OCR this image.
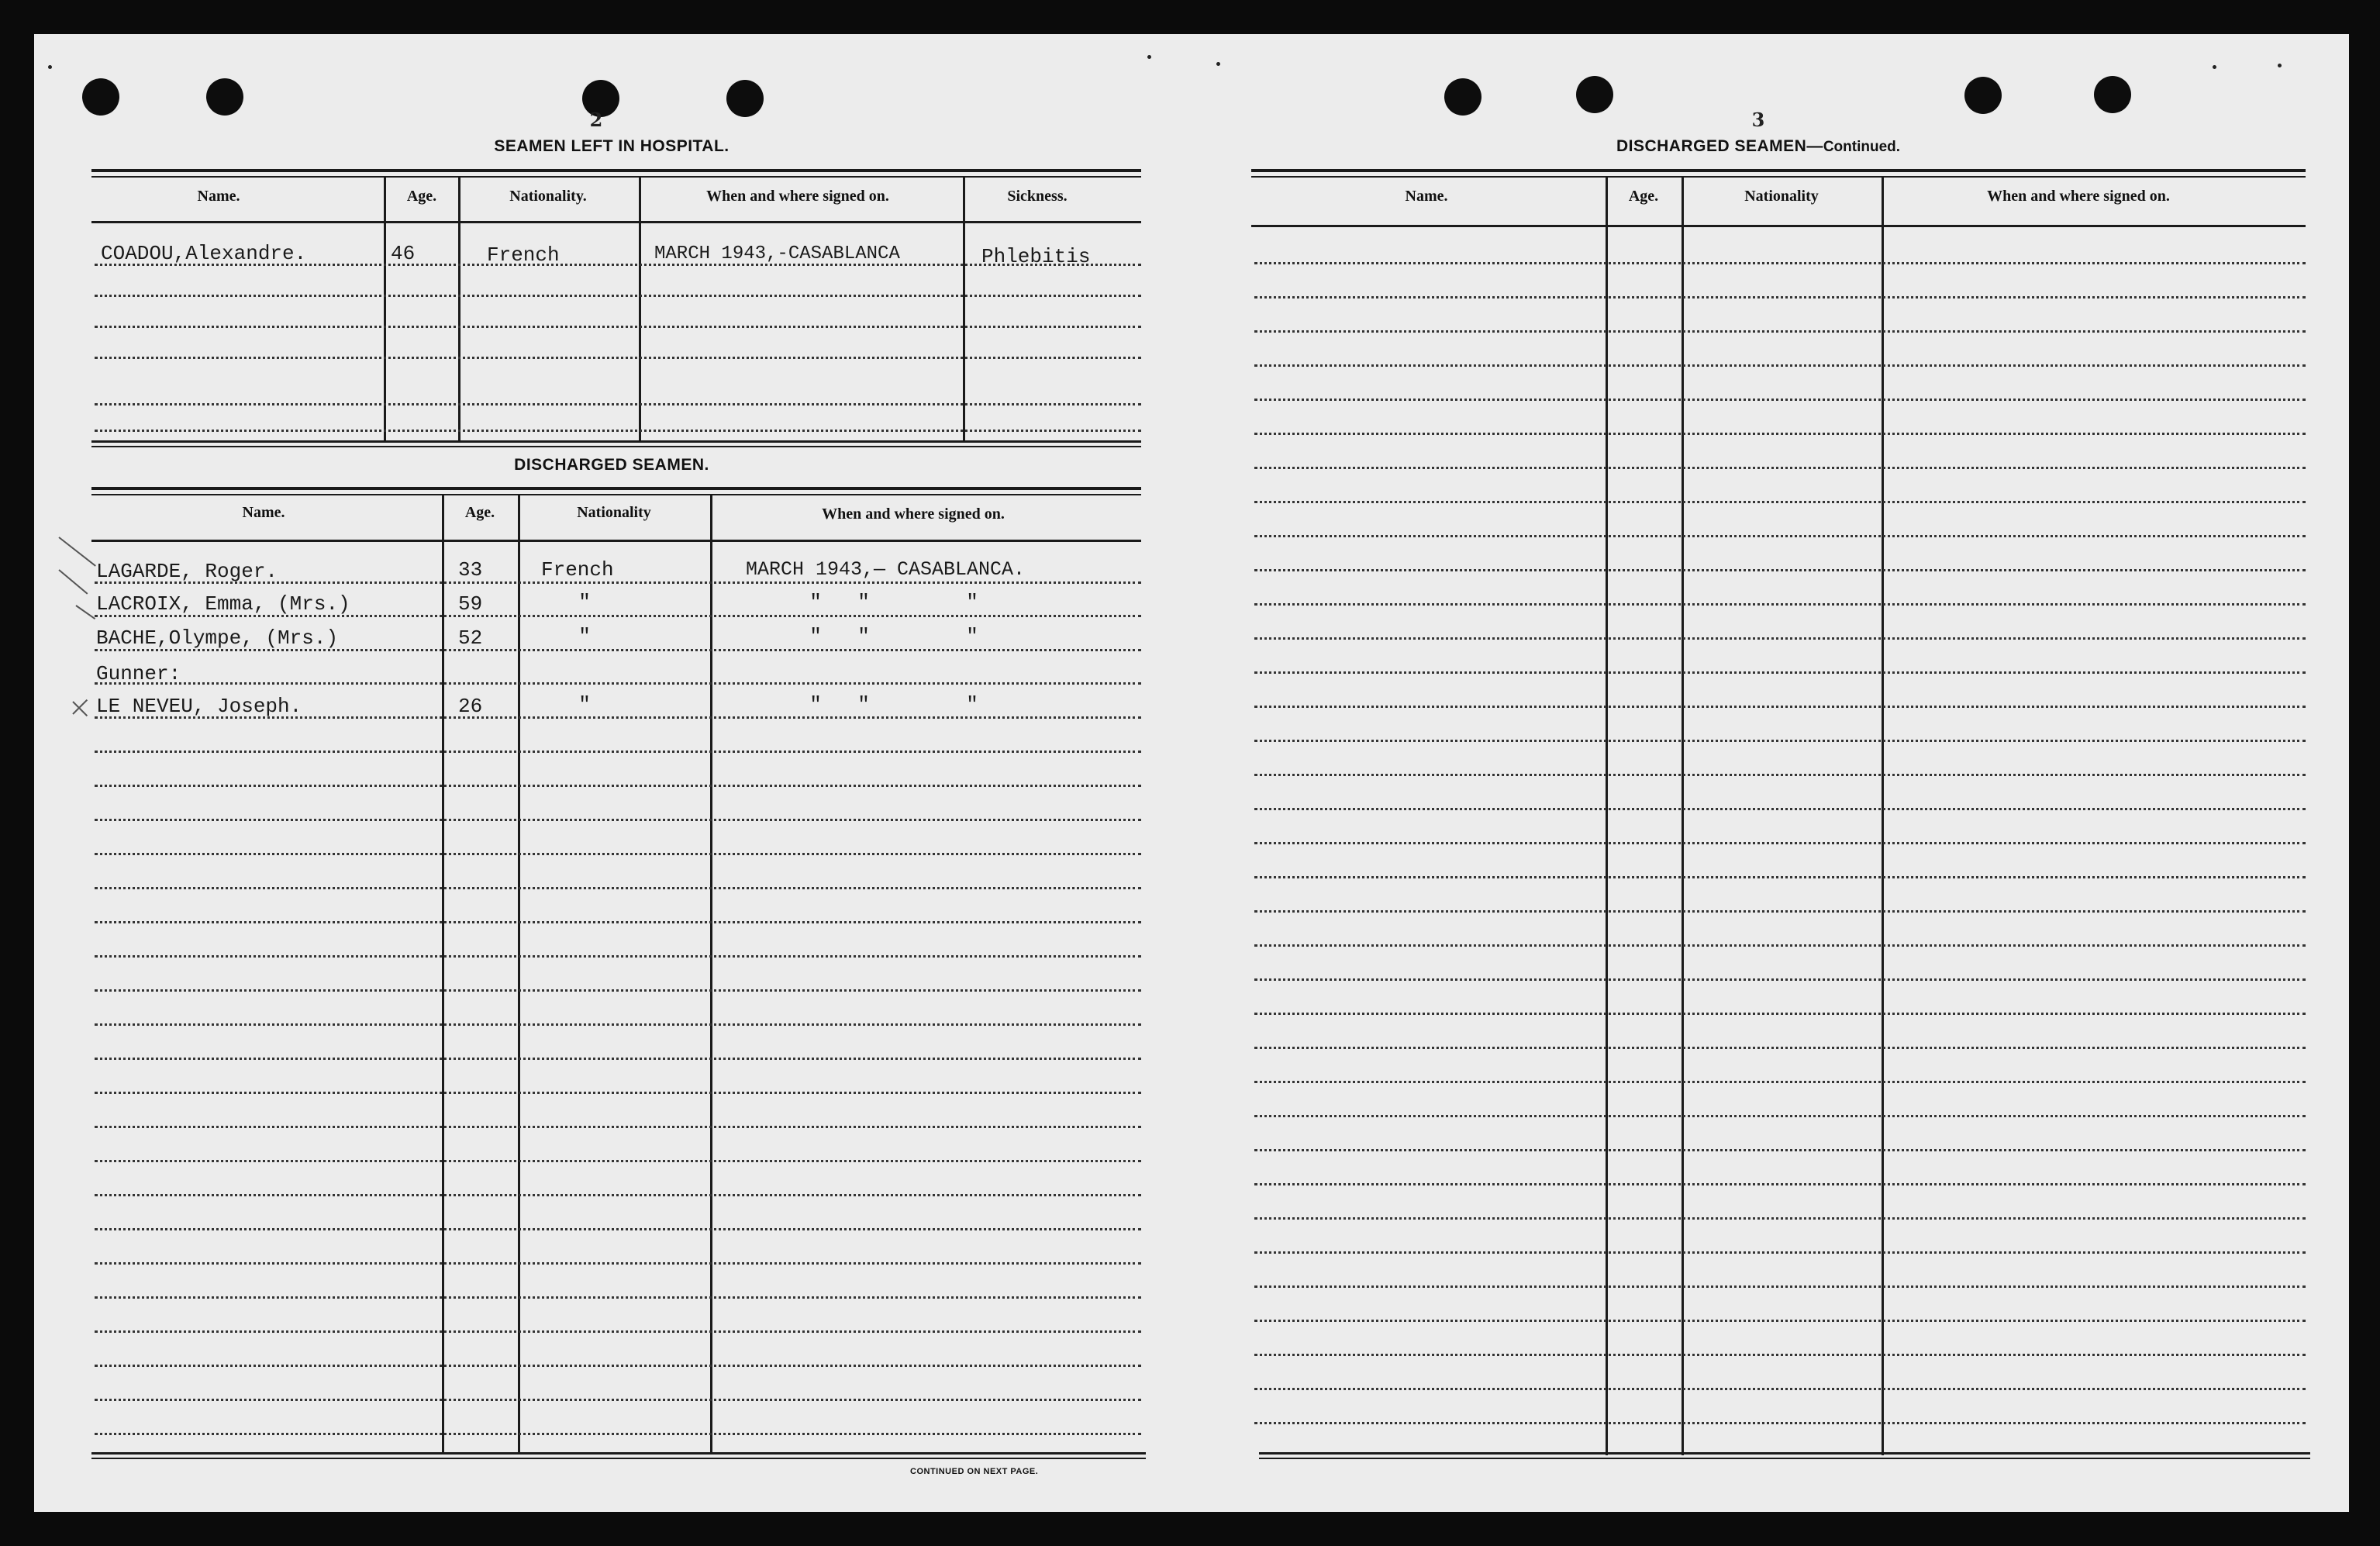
2
SEAMEN LEFT IN HOSPITAL.
Name.	Age.	Nationality.	When and where signed on.	Sickness.
COADOU,Alexandre.	46	French	MARCH 1943,-CASABLANCA	Phlebitis
DISCHARGED SEAMEN.
Name.	Age.	Nationality	When and where signed on.
LAGARDE, Roger.	33	French	MARCH 1943,— CASABLANCA.
LACROIX, Emma, (Mrs.)	59	"	" "	"
BACHE,Olympe, (Mrs.)	52	"	" "	"
Gunner:
LE NEVEU, Joseph.	26	"	" "	"
CONTINUED ON NEXT PAGE.
3
DISCHARGED SEAMEN—Continued.
Name.	Age.	Nationality	When and where signed on.
